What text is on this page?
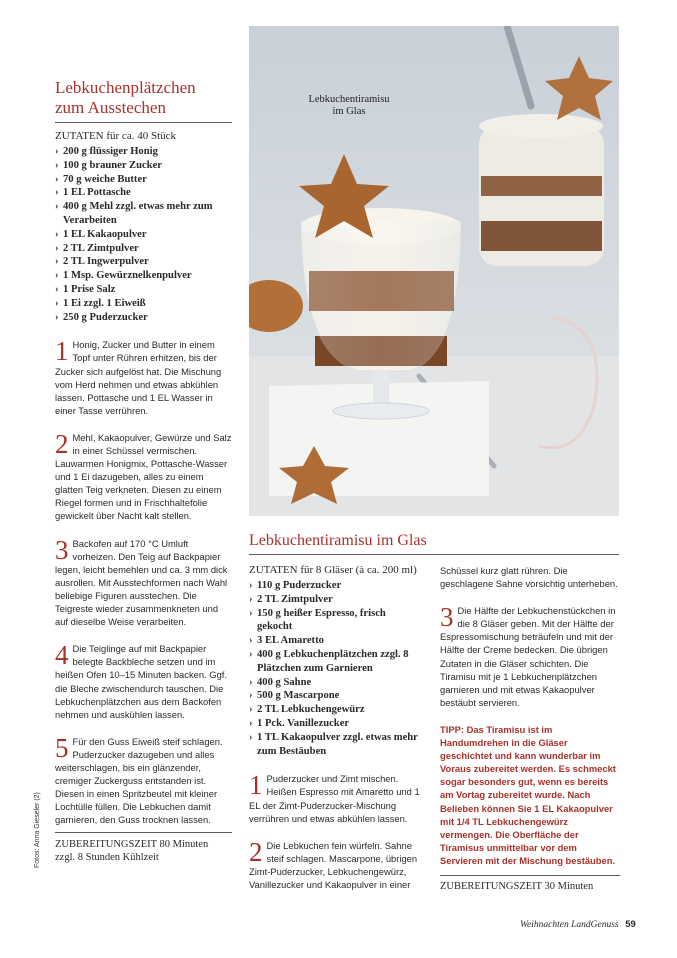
Lebkuchenplätzchen
zum Ausstechen
ZUTATEN für ca. 40 Stück
› 200 g flüssiger Honig
› 100 g brauner Zucker
› 70 g weiche Butter
› 1 EL Pottasche
› 400 g Mehl zzgl. etwas mehr zum Verarbeiten
› 1 EL Kakaopulver
› 2 TL Zimtpulver
› 2 TL Ingwerpulver
› 1 Msp. Gewürznelkenpulver
› 1 Prise Salz
› 1 Ei zzgl. 1 Eiweiß
› 250 g Puderzucker
1 Honig, Zucker und Butter in einem Topf unter Rühren erhitzen, bis der Zucker sich aufgelöst hat. Die Mischung vom Herd nehmen und etwas abkühlen lassen. Pottasche und 1 EL Wasser in einer Tasse verrühren.
2 Mehl, Kakaopulver, Gewürze und Salz in einer Schüssel vermischen. Lauwarmen Honigmix, Pottasche-Wasser und 1 Ei dazugeben, alles zu einem glatten Teig verkneten. Diesen zu einem Riegel formen und in Frischhaltefolie gewickelt über Nacht kalt stellen.
3 Backofen auf 170 °C Umluft vorheizen. Den Teig auf Backpapier legen, leicht bemehlen und ca. 3 mm dick ausrollen. Mit Ausstechformen nach Wahl beliebige Figuren ausstechen. Die Teigreste wieder zusammenkneten und auf dieselbe Weise verarbeiten.
4 Die Teiglinge auf mit Backpapier belegte Backbleche setzen und im heißen Ofen 10–15 Minuten backen. Ggf. die Bleche zwischendurch tauschen. Die Lebkuchenplätzchen aus dem Backofen nehmen und auskühlen lassen.
5 Für den Guss Eiweiß steif schlagen. Puderzucker dazugeben und alles weiterschlagen, bis ein glänzender, cremiger Zuckerguss entstanden ist. Diesen in einen Spritzbeutel mit kleiner Lochtülle füllen. Die Lebkuchen damit garnieren, den Guss trocknen lassen.
ZUBEREITUNGSZEIT 80 Minuten
zzgl. 8 Stunden Kühlzeit
Fotos: Anna Gieseler (2)
Lebkuchentiramisu
im Glas
Lebkuchentiramisu im Glas
ZUTATEN für 8 Gläser (à ca. 200 ml)
› 110 g Puderzucker
› 2 TL Zimtpulver
› 150 g heißer Espresso, frisch gekocht
› 3 EL Amaretto
› 400 g Lebkuchenplätzchen zzgl. 8 Plätzchen zum Garnieren
› 400 g Sahne
› 500 g Mascarpone
› 2 TL Lebkuchengewürz
› 1 Pck. Vanillezucker
› 1 TL Kakaopulver zzgl. etwas mehr zum Bestäuben
1 Puderzucker und Zimt mischen. Heißen Espresso mit Amaretto und 1 EL der Zimt-Puderzucker-Mischung verrühren und etwas abkühlen lassen.
2 Die Lebkuchen fein würfeln. Sahne steif schlagen. Mascarpone, übrigen Zimt-Puderzucker, Lebkuchengewürz, Vanillezucker und Kakaopulver in einer

Schüssel kurz glatt rühren. Die geschlagene Sahne vorsichtig unterheben.

3 Die Hälfte der Lebkuchenstückchen in die 8 Gläser geben. Mit der Hälfte der Espressomischung beträufeln und mit der Hälfte der Creme bedecken. Die übrigen Zutaten in die Gläser schichten. Die Tiramisu mit je 1 Lebkuchenplätzchen garnieren und mit etwas Kakaopulver bestäubt servieren.
TIPP: Das Tiramisu ist im Handumdrehen in die Gläser geschichtet und kann wunderbar im Voraus zubereitet werden. Es schmeckt sogar besonders gut, wenn es bereits am Vortag zubereitet wurde. Nach Belieben können Sie 1 EL Kakaopulver mit 1/4 TL Lebkuchengewürz vermengen. Die Oberfläche der Tiramisus unmittelbar vor dem Servieren mit der Mischung bestäuben.
ZUBEREITUNGSZEIT 30 Minuten
Weihnachten LandGenuss 59
